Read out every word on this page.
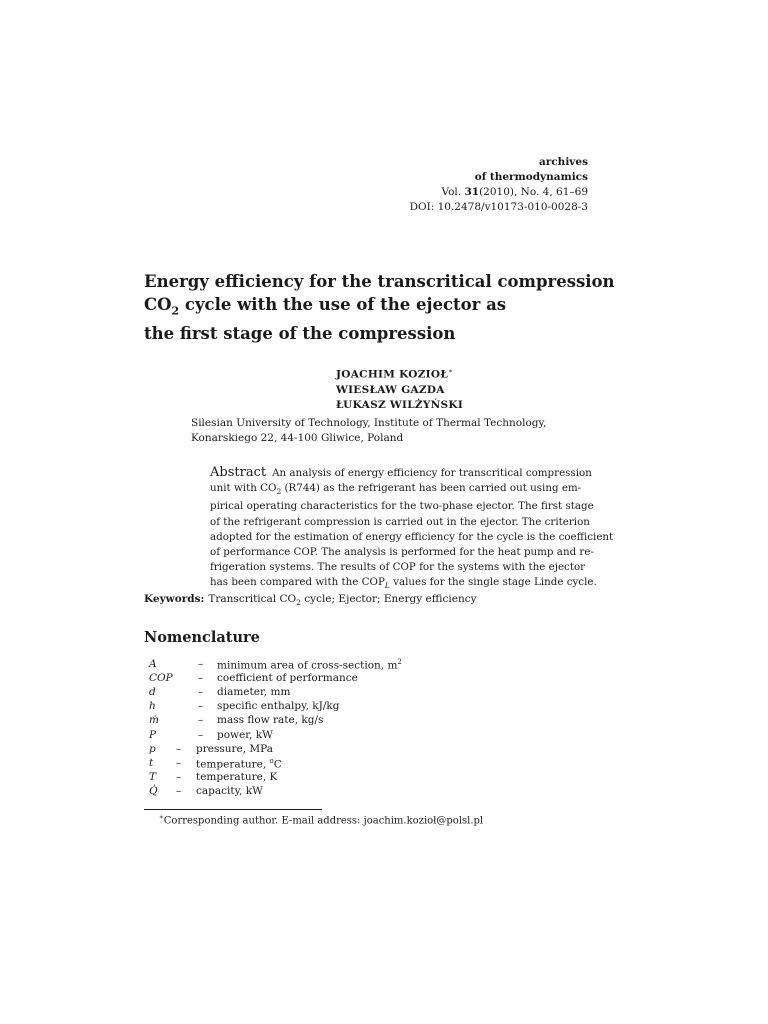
archives
of thermodynamics
Vol. 31(2010), No. 4, 61–69
DOI: 10.2478/v10173-010-0028-3
Energy efficiency for the transcritical compression
$CO_2$ cycle with the use of the ejector as
the first stage of the compression
JOACHIM KOZIOŁ∗
WIESŁAW GAZDA
ŁUKASZ WILŻYŃSKI
Silesian University of Technology, Institute of Thermal Technology,
Konarskiego 22, 44-100 Gliwice, Poland
Abstract An analysis of energy efficiency for transcritical compression
unit with $CO_2$ (R744) as the refrigerant has been carried out using em-
pirical operating characteristics for the two-phase ejector. The first stage
of the refrigerant compression is carried out in the ejector. The criterion
adopted for the estimation of energy efficiency for the cycle is the coefficient
of performance COP. The analysis is performed for the heat pump and re-
frigeration systems. The results of COP for the systems with the ejector
has been compared with the $COP_L$ values for the single stage Linde cycle.
Keywords: Transcritical $CO_2$ cycle; Ejector; Energy efficiency
Nomenclature
A	– minimum area of cross-section, $m^2$
COP – coefficient of performance
d	– diameter, mm
h	– specific enthalpy, kJ/kg
ṁ	– mass flow rate, kg/s
P	– power, kW
p – pressure, MPa
t – temperature, $^o$C
T – temperature, K
Q̇ – capacity, kW
∗Corresponding author. E-mail address: joachim.kozioł@polsl.pl
